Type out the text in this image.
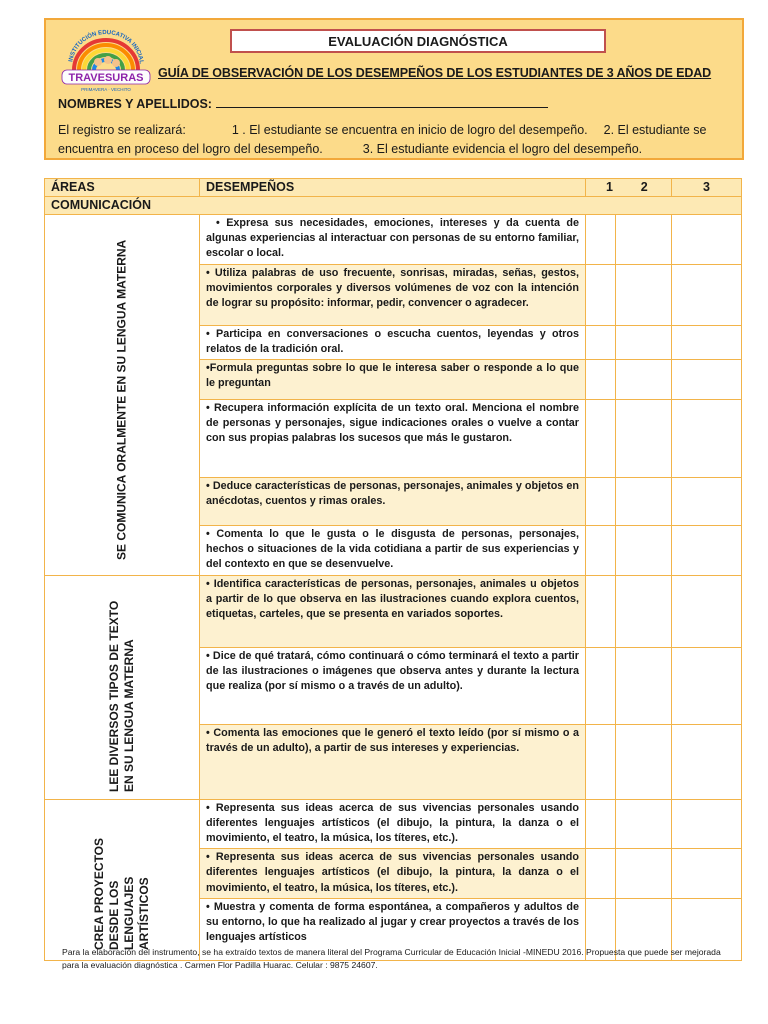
INSTITUCIÓN EDUCATIVA INICIAL
TRAVESURAS
PRIMAVERA · VECHITO
EVALUACIÓN DIAGNÓSTICA
GUÍA DE OBSERVACIÓN DE LOS DESEMPEÑOS DE LOS ESTUDIANTES DE 3 AÑOS DE EDAD
NOMBRES Y APELLIDOS:
El registro se realizará:	1 . El estudiante se encuentra en inicio de logro del desempeño. 2. El estudiante se
encuentra en proceso del logro del desempeño.	3. El estudiante evidencia el logro del desempeño.
ÁREAS	DESEMPEÑOS		1 2	3
COMUNICACIÓN				

SE COMUNICA ORALMENTE EN SU LENGUA MATERNA	• Expresa sus necesidades, emociones, intereses y da cuenta de algunas experiencias al interactuar con personas de su entorno familiar, escolar o local.			

	• Utiliza palabras de uso frecuente, sonrisas, miradas, señas, gestos, movimientos corporales y diversos volúmenes de voz con la intención de lograr su propósito: informar, pedir, convencer o agradecer.			

	• Participa en conversaciones o escucha cuentos, leyendas y otros relatos de la tradición oral.			

	•Formula preguntas sobre lo que le interesa saber o responde a lo que le preguntan			

	• Recupera información explícita de un texto oral. Menciona el nombre de personas y personajes, sigue indicaciones orales o vuelve a contar con sus propias palabras los sucesos que más le gustaron.			

	• Deduce características de personas, personajes, animales y objetos en anécdotas, cuentos y rimas orales.			

	• Comenta lo que le gusta o le disgusta de personas, personajes, hechos o situaciones de la vida cotidiana a partir de sus experiencias y del contexto en que se desenvuelve.			

LEE DIVERSOS TIPOS DE TEXTO EN SU LENGUA MATERNA	• Identifica características de personas, personajes, animales u objetos a partir de lo que observa en las ilustraciones cuando explora cuentos, etiquetas, carteles, que se presenta en variados soportes.			

	• Dice de qué tratará, cómo continuará o cómo terminará el texto a partir de las ilustraciones o imágenes que observa antes y durante la lectura que realiza (por sí mismo o a través de un adulto).			

	• Comenta las emociones que le generó el texto leído (por sí mismo o a través de un adulto), a partir de sus intereses y experiencias.			

CREA PROYECTOS DESDE LOS LENGUAJES ARTÍSTICOS	• Representa sus ideas acerca de sus vivencias personales usando diferentes lenguajes artísticos (el dibujo, la pintura, la danza o el movimiento, el teatro, la música, los títeres, etc.).			

	• Representa sus ideas acerca de sus vivencias personales usando diferentes lenguajes artísticos (el dibujo, la pintura, la danza o el movimiento, el teatro, la música, los títeres, etc.).			

	• Muestra y comenta de forma espontánea, a compañeros y adultos de su entorno, lo que ha realizado al jugar y crear proyectos a través de los lenguajes artísticos			

Para la elaboración del instrumento, se ha extraído textos de manera literal del Programa Curricular de Educación Inicial -MINEDU 2016. Propuesta que puede ser mejorada para la evaluación diagnóstica . Carmen Flor Padilla Huarac. Celular : 9875 24607.
